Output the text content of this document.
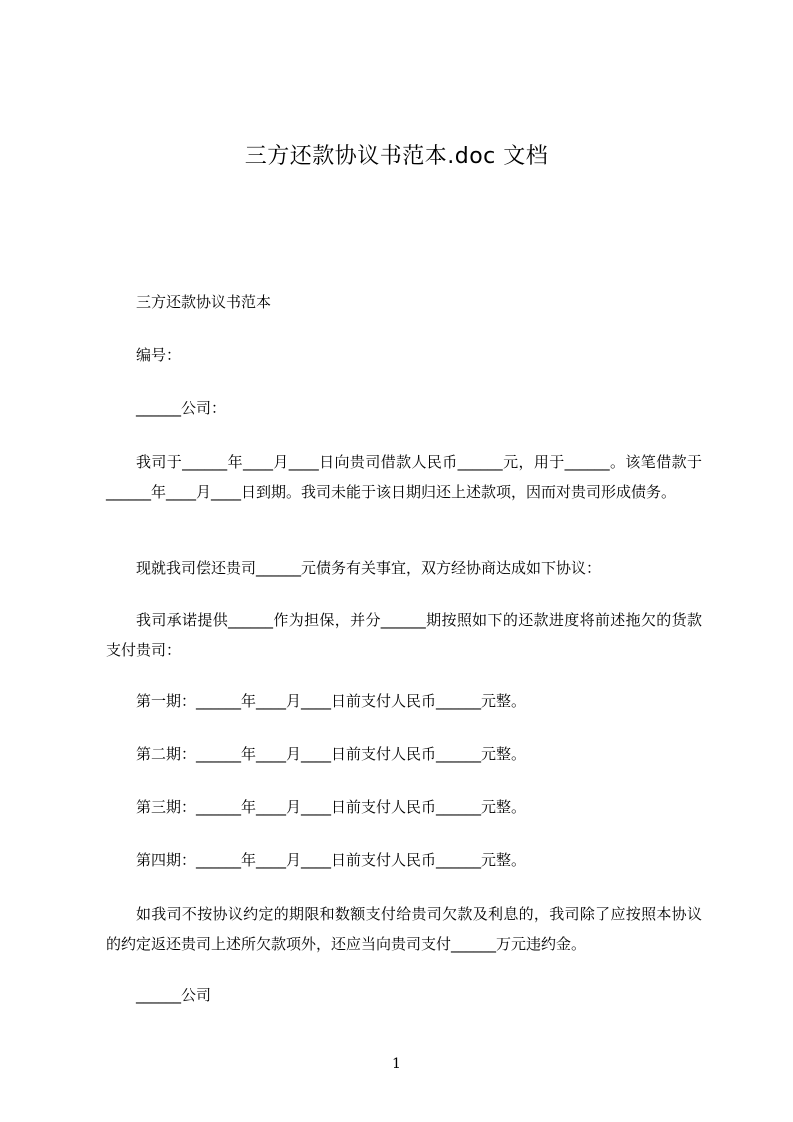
三方还款协议书范本.doc 文档
三方还款协议书范本
编号：
______公司：
我司于______年____月____日向贵司借款人民币______元，用于______。该笔借款于______年____月____日到期。我司未能于该日期归还上述款项，因而对贵司形成债务。
现就我司偿还贵司______元债务有关事宜，双方经协商达成如下协议：
我司承诺提供______作为担保，并分______期按照如下的还款进度将前述拖欠的货款支付贵司：
第一期：______年____月____日前支付人民币______元整。
第二期：______年____月____日前支付人民币______元整。
第三期：______年____月____日前支付人民币______元整。
第四期：______年____月____日前支付人民币______元整。
如我司不按协议约定的期限和数额支付给贵司欠款及利息的，我司除了应按照本协议的约定返还贵司上述所欠款项外，还应当向贵司支付______万元违约金。
______公司
1
